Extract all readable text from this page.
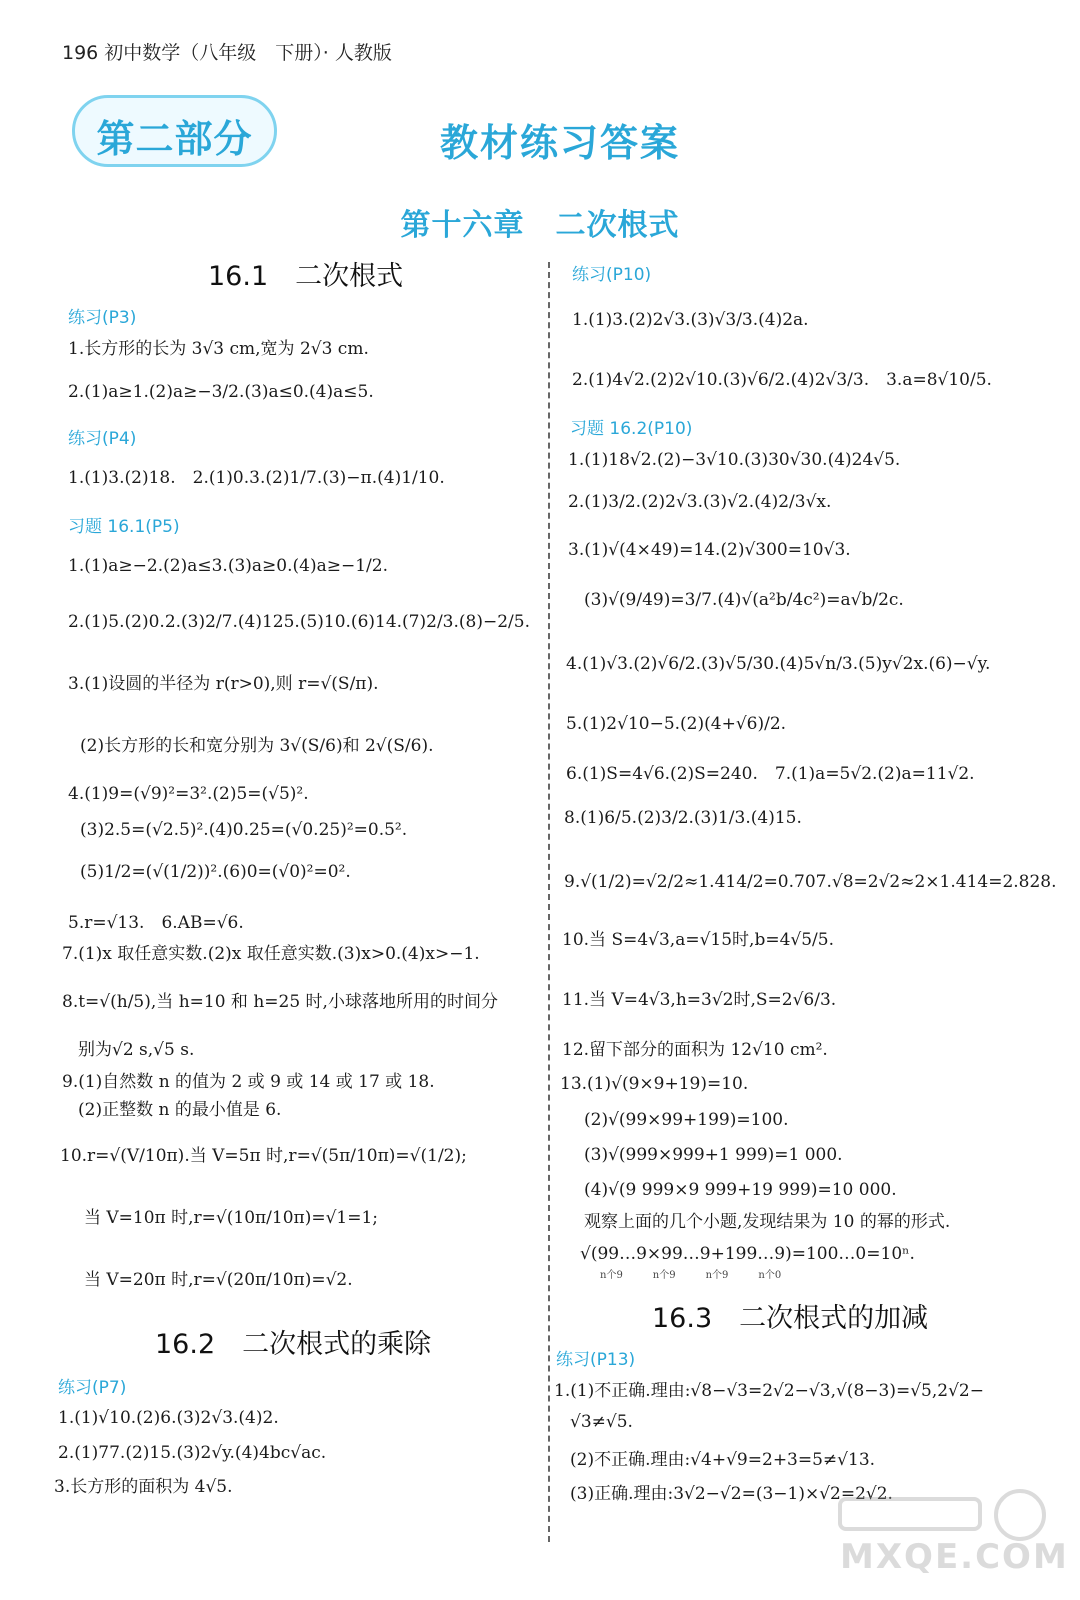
196 初中数学（八年级　下册）· 人教版
第二部分	教材练习答案
第十六章　二次根式
16.1　二次根式
练习(P3)
1.长方形的长为 3√3 cm,宽为 2√3 cm.
2.(1)a≥1.(2)a≥−3/2.(3)a≤0.(4)a≤5.
练习(P4)
1.(1)3.(2)18.　2.(1)0.3.(2)1/7.(3)−π.(4)1/10.
习题 16.1(P5)
1.(1)a≥−2.(2)a≤3.(3)a≥0.(4)a≥−1/2.
2.(1)5.(2)0.2.(3)2/7.(4)125.(5)10.(6)14.(7)2/3.(8)−2/5.
3.(1)设圆的半径为 r(r>0),则 r=√(S/π).
(2)长方形的长和宽分别为 3√(S/6)和 2√(S/6).
4.(1)9=(√9)²=3².(2)5=(√5)².
(3)2.5=(√2.5)².(4)0.25=(√0.25)²=0.5².
(5)1/2=(√(1/2))².(6)0=(√0)²=0².
5.r=√13.　6.AB=√6.
7.(1)x 取任意实数.(2)x 取任意实数.(3)x>0.(4)x>−1.
8.t=√(h/5),当 h=10 和 h=25 时,小球落地所用的时间分
别为√2 s,√5 s.
9.(1)自然数 n 的值为 2 或 9 或 14 或 17 或 18.
(2)正整数 n 的最小值是 6.
10.r=√(V/10π).当 V=5π 时,r=√(5π/10π)=√(1/2);
当 V=10π 时,r=√(10π/10π)=√1=1;
当 V=20π 时,r=√(20π/10π)=√2.
16.2　二次根式的乘除
练习(P7)
1.(1)√10.(2)6.(3)2√3.(4)2.
2.(1)77.(2)15.(3)2√y.(4)4bc√ac.
3.长方形的面积为 4√5.
练习(P10)
1.(1)3.(2)2√3.(3)√3/3.(4)2a.
2.(1)4√2.(2)2√10.(3)√6/2.(4)2√3/3.　3.a=8√10/5.
习题 16.2(P10)
1.(1)18√2.(2)−3√10.(3)30√30.(4)24√5.
2.(1)3/2.(2)2√3.(3)√2.(4)2/3√x.
3.(1)√(4×49)=14.(2)√300=10√3.
(3)√(9/49)=3/7.(4)√(a²b/4c²)=a√b/2c.
4.(1)√3.(2)√6/2.(3)√5/30.(4)5√n/3.(5)y√2x.(6)−√y.
5.(1)2√10−5.(2)(4+√6)/2.
6.(1)S=4√6.(2)S=240.　7.(1)a=5√2.(2)a=11√2.
8.(1)6/5.(2)3/2.(3)1/3.(4)15.
9.√(1/2)=√2/2≈1.414/2=0.707.√8=2√2≈2×1.414=2.828.
10.当 S=4√3,a=√15时,b=4√5/5.
11.当 V=4√3,h=3√2时,S=2√6/3.
12.留下部分的面积为 12√10 cm².
13.(1)√(9×9+19)=10.
(2)√(99×99+199)=100.
(3)√(999×999+1 999)=1 000.
(4)√(9 999×9 999+19 999)=10 000.
观察上面的几个小题,发现结果为 10 的幂的形式.
√(99…9×99…9+199…9)=100…0=10ⁿ.
n个9　　　n个9　　　n个9　　　n个0
16.3　二次根式的加减
练习(P13)
1.(1)不正确.理由:√8−√3=2√2−√3,√(8−3)=√5,2√2−
√3≠√5.
(2)不正确.理由:√4+√9=2+3=5≠√13.
(3)正确.理由:3√2−√2=(3−1)×√2=2√2.
MXQE.COM
